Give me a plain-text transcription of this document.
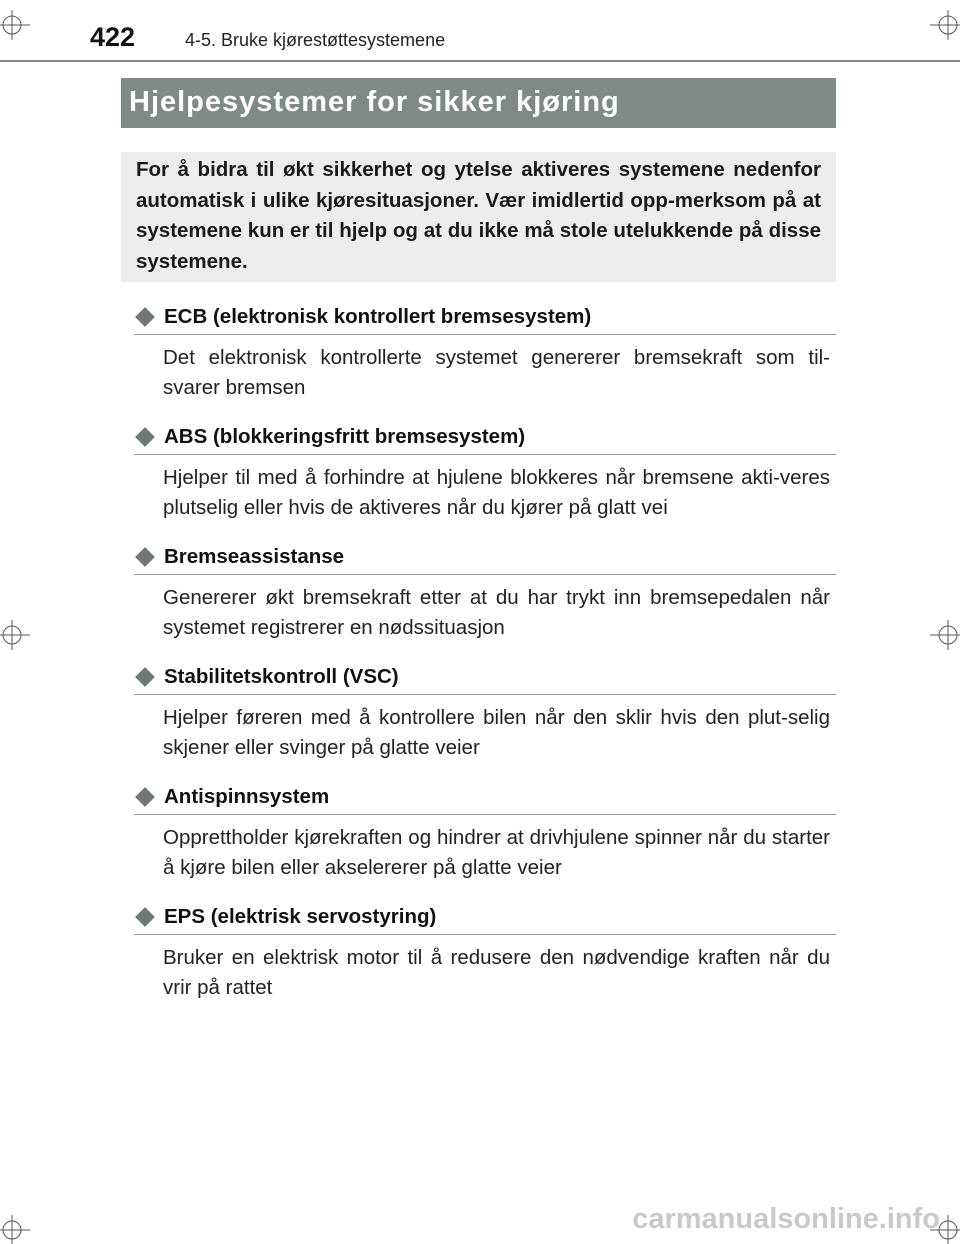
422	4-5. Bruke kjørestøttesystemene
Hjelpesystemer for sikker kjøring

For å bidra til økt sikkerhet og ytelse aktiveres systemene nedenfor automatisk i ulike kjøresituasjoner. Vær imidlertid opp-merksom på at systemene kun er til hjelp og at du ikke må stole utelukkende på disse systemene.

ECB (elektronisk kontrollert bremsesystem)
Det elektronisk kontrollerte systemet genererer bremsekraft som til-svarer bremsen
ABS (blokkeringsfritt bremsesystem)
Hjelper til med å forhindre at hjulene blokkeres når bremsene akti-veres plutselig eller hvis de aktiveres når du kjører på glatt vei
Bremseassistanse
Genererer økt bremsekraft etter at du har trykt inn bremsepedalen når systemet registrerer en nødssituasjon
Stabilitetskontroll (VSC)
Hjelper føreren med å kontrollere bilen når den sklir hvis den plut-selig skjener eller svinger på glatte veier
Antispinnsystem
Opprettholder kjørekraften og hindrer at drivhjulene spinner når du starter å kjøre bilen eller akselererer på glatte veier
EPS (elektrisk servostyring)
Bruker en elektrisk motor til å redusere den nødvendige kraften når du vrir på rattet
carmanualsonline.info
